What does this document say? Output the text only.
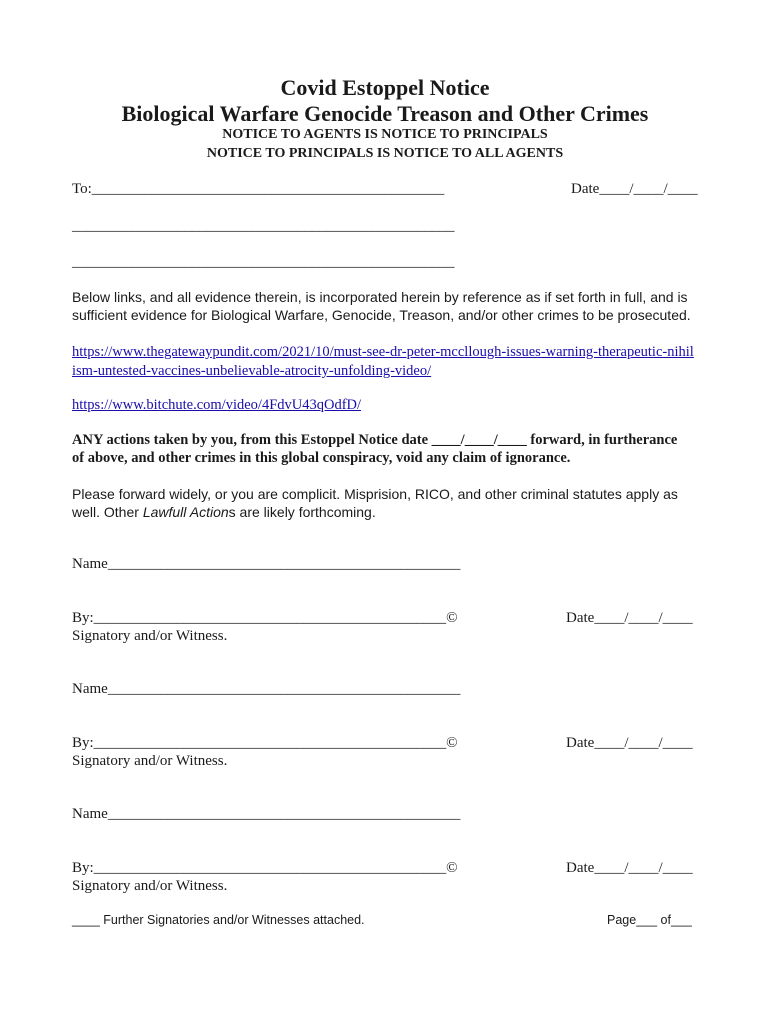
Covid Estoppel Notice
Biological Warfare Genocide Treason and Other Crimes
NOTICE TO AGENTS IS NOTICE TO PRINCIPALS
NOTICE TO PRINCIPALS IS NOTICE TO ALL AGENTS
To:_______________________________________________	Date____/____/____
___________________________________________________
___________________________________________________
Below links, and all evidence therein, is incorporated herein by reference as if set forth in full, and is sufficient evidence for Biological Warfare, Genocide, Treason, and/or other crimes to be prosecuted.
https://www.thegatewaypundit.com/2021/10/must-see-dr-peter-mccllough-issues-warning-therapeutic-nihilism-untested-vaccines-unbelievable-atrocity-unfolding-video/
https://www.bitchute.com/video/4FdvU43qOdfD/
ANY actions taken by you, from this Estoppel Notice date ____/____/____ forward, in furtherance of above, and other crimes in this global conspiracy, void any claim of ignorance.
Please forward widely, or you are complicit. Misprision, RICO, and other criminal statutes apply as well. Other Lawfull Actions are likely forthcoming.
Name_______________________________________________
By:_______________________________________________©	Date____/____/____
Signatory and/or Witness.
Name_______________________________________________
By:_______________________________________________©	Date____/____/____
Signatory and/or Witness.
Name_______________________________________________
By:_______________________________________________©	Date____/____/____
Signatory and/or Witness.
____ Further Signatories and/or Witnesses attached.	Page___ of___
